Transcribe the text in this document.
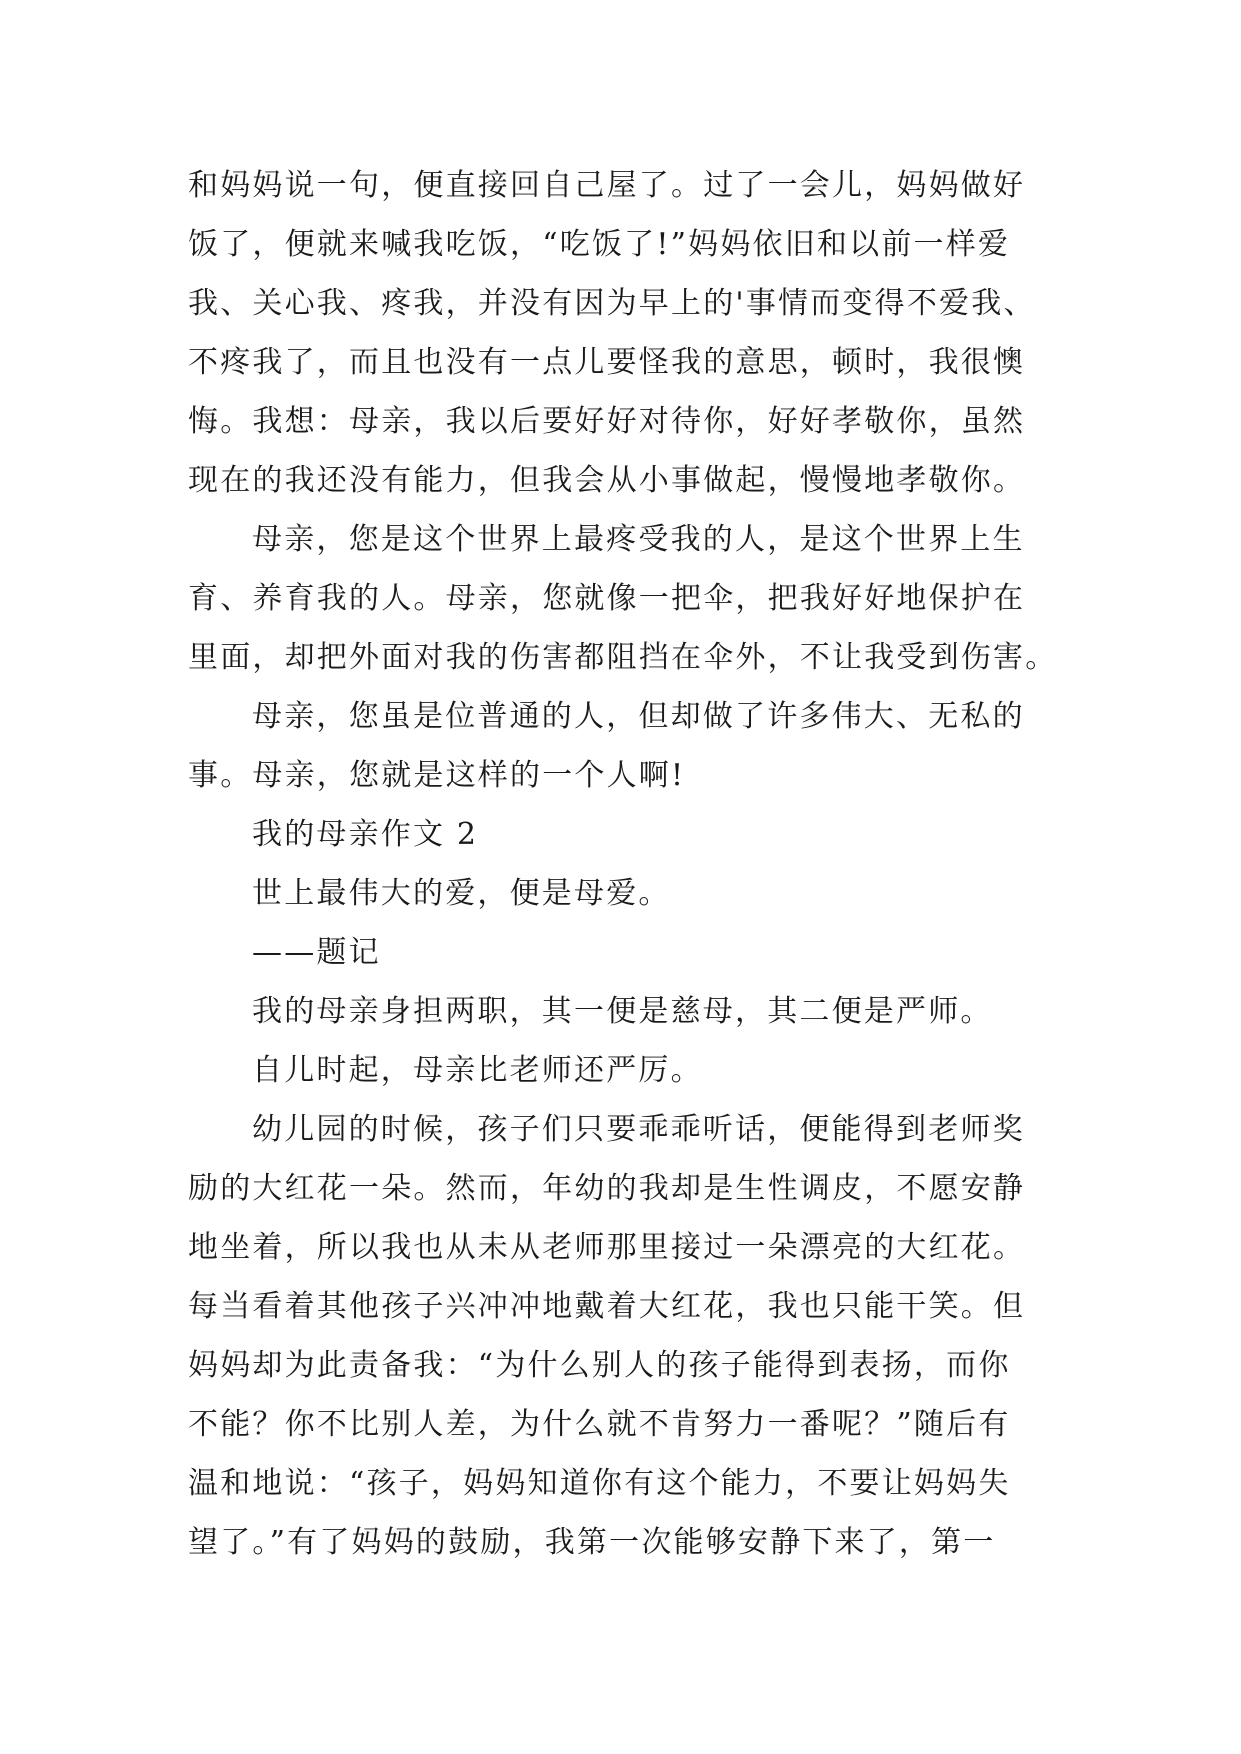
和妈妈说一句，便直接回自己屋了。过了一会儿，妈妈做好
饭了，便就来喊我吃饭，“吃饭了!”妈妈依旧和以前一样爱
我、关心我、疼我，并没有因为早上的'事情而变得不爱我、
不疼我了，而且也没有一点儿要怪我的意思，顿时，我很懊
悔。我想：母亲，我以后要好好对待你，好好孝敬你，虽然
现在的我还没有能力，但我会从小事做起，慢慢地孝敬你。
母亲，您是这个世界上最疼受我的人，是这个世界上生
育、养育我的人。母亲，您就像一把伞，把我好好地保护在
里面，却把外面对我的伤害都阻挡在伞外，不让我受到伤害。
母亲，您虽是位普通的人，但却做了许多伟大、无私的
事。母亲，您就是这样的一个人啊!
我的母亲作文 2
世上最伟大的爱，便是母爱。
——题记
我的母亲身担两职，其一便是慈母，其二便是严师。
自儿时起，母亲比老师还严厉。
幼儿园的时候，孩子们只要乖乖听话，便能得到老师奖
励的大红花一朵。然而，年幼的我却是生性调皮，不愿安静
地坐着，所以我也从未从老师那里接过一朵漂亮的大红花。
每当看着其他孩子兴冲冲地戴着大红花，我也只能干笑。但
妈妈却为此责备我：“为什么别人的孩子能得到表扬，而你
不能？你不比别人差，为什么就不肯努力一番呢？”随后有
温和地说：“孩子，妈妈知道你有这个能力，不要让妈妈失
望了。”有了妈妈的鼓励，我第一次能够安静下来了，第一
